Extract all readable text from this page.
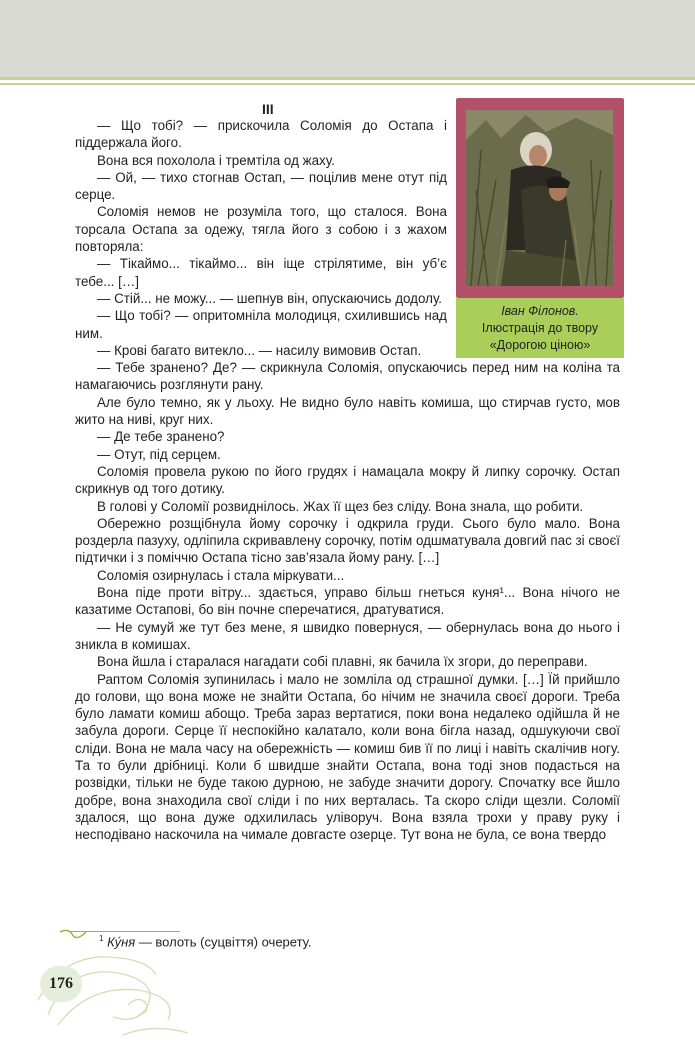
III
Іван Філонов.
Ілюстрація до твору
«Дорогою ціною»
— Що тобі? — прискочила Соломія до Остапа і піддержала його.
Вона вся похолола і тремтіла од жаху.
— Ой, — тихо стогнав Остап, — поцілив мене отут під серце.
Соломія немов не розуміла того, що сталося. Вона торсала Остапа за одежу, тягла його з собою і з жахом повторяла:
— Тікаймо... тікаймо... він іще стрілятиме, він уб’є тебе... […]
— Стій... не можу... — шепнув він, опускаючись додолу.
— Що тобі? — опритомніла молодиця, схилившись над ним.
— Крові багато витекло... — насилу вимовив Остап.
— Тебе зранено? Де? — скрикнула Соломія, опускаючись перед ним на коліна та намагаючись розглянути рану.
Але було темно, як у льоху. Не видно було навіть комиша, що стирчав густо, мов жито на ниві, круг них.
— Де тебе зранено?
— Отут, під серцем.
Соломія провела рукою по його грудях і намацала мокру й липку сорочку. Остап скрикнув од того дотику.
В голові у Соломії розвиднілось. Жах її щез без сліду. Вона знала, що робити.
Обережно розщібнула йому сорочку і одкрила груди. Сього було мало. Вона роздерла пазуху, одліпила скривавлену сорочку, потім одшматувала довгий пас зі своєї підтички і з поміччю Остапа тісно зав’язала йому рану. […]
Соломія озирнулась і стала міркувати...
Вона піде проти вітру... здається, управо більш гнеться куня¹... Вона нічого не казатиме Остапові, бо він почне сперечатися, дратуватися.
— Не сумуй же тут без мене, я швидко повернуся, — обернулась вона до нього і зникла в комишах.
Вона йшла і старалася нагадати собі плавні, як бачила їх згори, до переправи.
Раптом Соломія зупинилась і мало не зомліла од страшної думки. […] Їй прийшло до голови, що вона може не знайти Остапа, бо нічим не значила своєї дороги. Треба було ламати комиш абощо. Треба зараз вертатися, поки вона недалеко одійшла й не забула дороги. Серце її неспокійно калатало, коли вона бігла назад, одшукуючи свої сліди. Вона не мала часу на обережність — комиш бив її по лиці і навіть скалічив ногу. Та то були дрібниці. Коли б швидше знайти Остапа, вона тоді знов подасться на розвідки, тільки не буде такою дурною, не забуде значити дорогу. Спочатку все йшло добре, вона знаходила свої сліди і по них верталась. Та скоро сліди щезли. Соломії здалося, що вона дуже одхилилась уліворуч. Вона взяла трохи у праву руку і несподівано наскочила на чимале довгасте озерце. Тут вона не була, се вона твердо
$^1$ Ку́ня — волоть (суцвіття) очерету.
176
